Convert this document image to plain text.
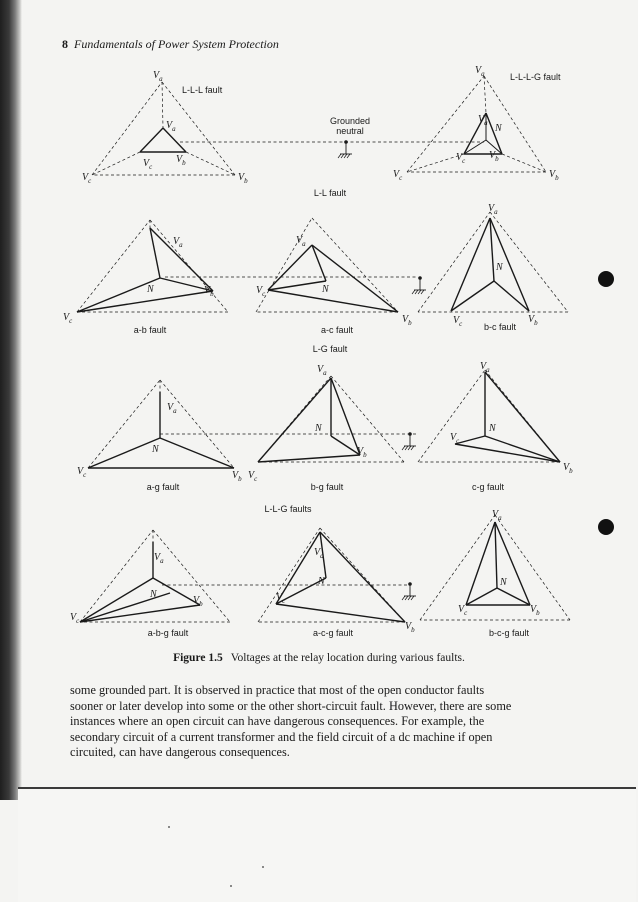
8 Fundamentals of Power System Protection
$V_a$
$V_b$
$V_c$
$V_a$
$V_b$
$V_c$
L-L-L fault
$V_a$
$V_b$
$V_c$
$V_a$
$V_b$
$V_c$
N
L-L-L-G fault
Grounded
neutral
L-L fault
$V_a$
$V_b$
$V_c$
N
a-b fault
$V_a$
$V_b$
$V_c$	N
a-c fault
$V_a$
$V_b$
$V_c$
N
b-c fault
L-G fault
$V_a$
$V_b$
$V_c$
N
a-g fault
$V_a$
$V_b$
$V_c$
N
b-g fault
$V_a$
$V_b$
$V_c$
N
c-g fault
L-L-G faults
$V_a$
$V_b$
$V_c$
N
a-b-g fault
$V_a$
$V_b$
$V_c$
N
a-c-g fault
$V_a$
$V_b$
$V_c$
N
b-c-g fault
Figure 1.5 Voltages at the relay location during various faults.
some grounded part. It is observed in practice that most of the open conductor faults
sooner or later develop into some or the other short-circuit fault. However, there are some
instances where an open circuit can have dangerous consequences. For example, the
secondary circuit of a current transformer and the field circuit of a dc machine if open
circuited, can have dangerous consequences.
